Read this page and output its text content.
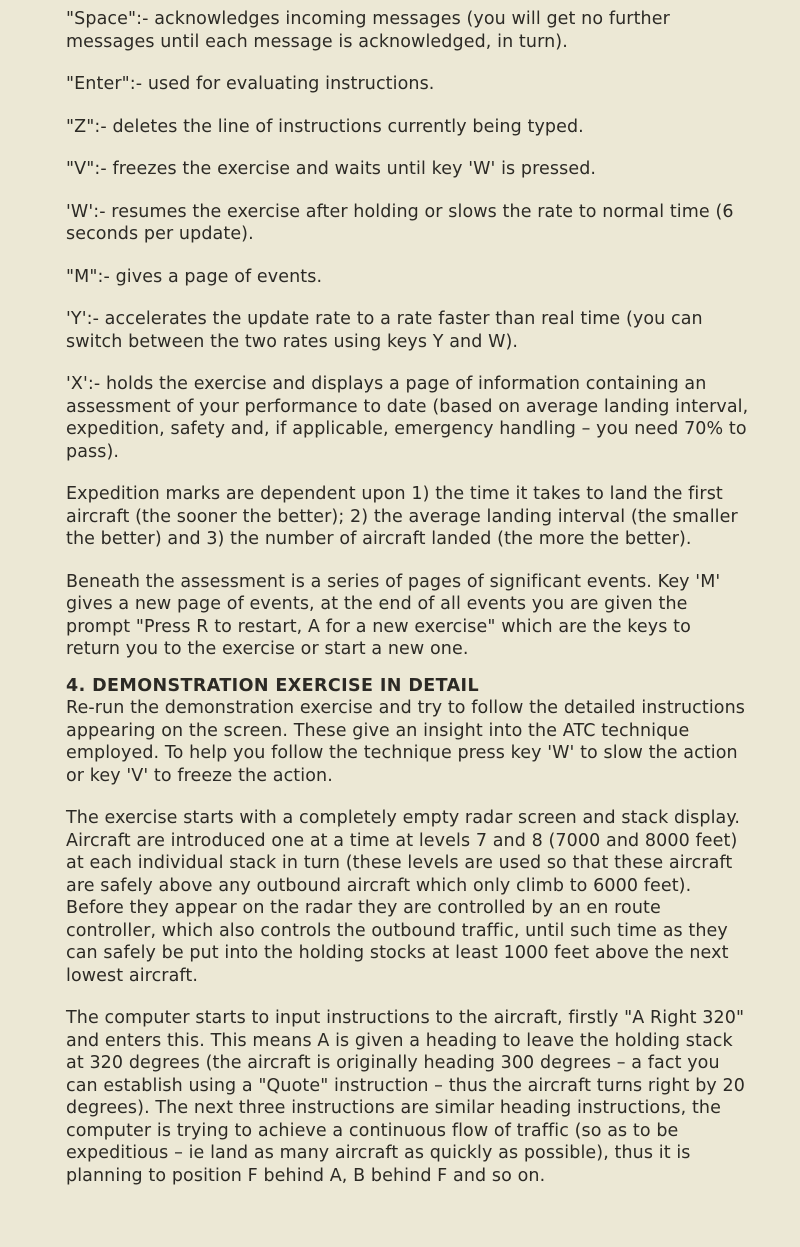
"Space":- acknowledges incoming messages (you will get no further messages until each message is acknowledged, in turn).

"Enter":- used for evaluating instructions.

"Z":- deletes the line of instructions currently being typed.

"V":- freezes the exercise and waits until key 'W' is pressed.

'W':- resumes the exercise after holding or slows the rate to normal time (6 seconds per update).

"M":- gives a page of events.

'Y':- accelerates the update rate to a rate faster than real time (you can switch between the two rates using keys Y and W).

'X':- holds the exercise and displays a page of information containing an assessment of your performance to date (based on average landing interval, expedition, safety and, if applicable, emergency handling – you need 70% to pass).

Expedition marks are dependent upon 1) the time it takes to land the first aircraft (the sooner the better); 2) the average landing interval (the smaller the better) and 3) the number of aircraft landed (the more the better).

Beneath the assessment is a series of pages of significant events. Key 'M' gives a new page of events, at the end of all events you are given the prompt "Press R to restart, A for a new exercise" which are the keys to return you to the exercise or start a new one.

4. DEMONSTRATION EXERCISE IN DETAIL

Re-run the demonstration exercise and try to follow the detailed instructions appearing on the screen. These give an insight into the ATC technique employed. To help you follow the technique press key 'W' to slow the action or key 'V' to freeze the action.

The exercise starts with a completely empty radar screen and stack display. Aircraft are introduced one at a time at levels 7 and 8 (7000 and 8000 feet) at each individual stack in turn (these levels are used so that these aircraft are safely above any outbound aircraft which only climb to 6000 feet). Before they appear on the radar they are controlled by an en route controller, which also controls the outbound traffic, until such time as they can safely be put into the holding stocks at least 1000 feet above the next lowest aircraft.

The computer starts to input instructions to the aircraft, firstly "A Right 320" and enters this. This means A is given a heading to leave the holding stack at 320 degrees (the aircraft is originally heading 300 degrees – a fact you can establish using a "Quote" instruction – thus the aircraft turns right by 20 degrees). The next three instructions are similar heading instructions, the computer is trying to achieve a continuous flow of traffic (so as to be expeditious – ie land as many aircraft as quickly as possible), thus it is planning to position F behind A, B behind F and so on.
